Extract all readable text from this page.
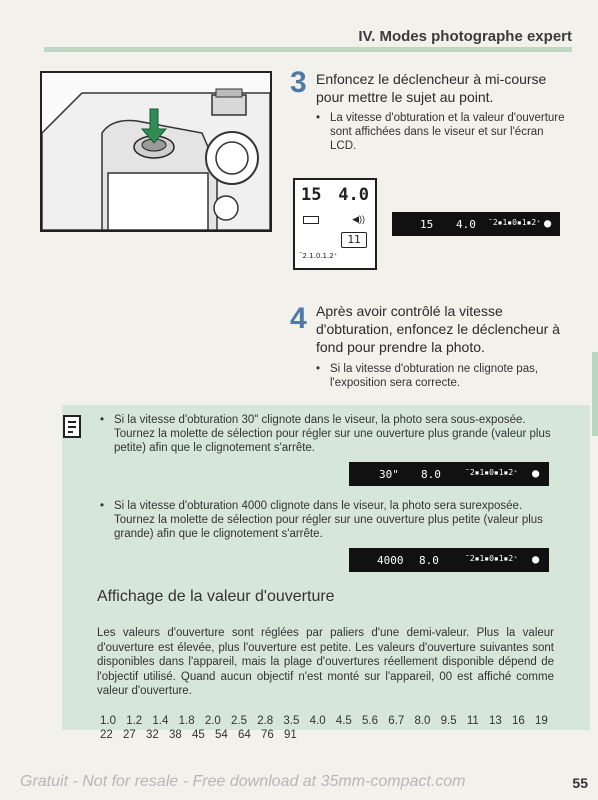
IV. Modes photographe expert
3 Enfoncez le déclencheur à mi-course pour mettre le sujet au point.
• La vitesse d'obturation et la valeur d'ouverture sont affichées dans le viseur et sur l'écran LCD.
15 4.0
◀))
11
¯2.1.0.1.2⁺
15 4.0 ¯2▪1▪0▪1▪2⁺ ●
4 Après avoir contrôlé la vitesse d'obturation, enfoncez le déclencheur à fond pour prendre la photo.
• Si la vitesse d'obturation ne clignote pas, l'exposition sera correcte.
• Si la vitesse d'obturation 30" clignote dans le viseur, la photo sera sous-exposée. Tournez la molette de sélection pour régler sur une ouverture plus grande (valeur plus petite) afin que le clignotement s'arrête.
• Si la vitesse d'obturation 4000 clignote dans le viseur, la photo sera surexposée. Tournez la molette de sélection pour régler sur une ouverture plus petite (valeur plus grande) afin que le clignotement s'arrête.
30" 8.0	¯2▪1▪0▪1▪2⁺ ●
4000 8.0	¯2▪1▪0▪1▪2⁺ ●
Affichage de la valeur d'ouverture
Les valeurs d'ouverture sont réglées par paliers d'une demi-valeur. Plus la valeur d'ouverture est élevée, plus l'ouverture est petite. Les valeurs d'ouverture suivantes sont disponibles dans l'appareil, mais la plage d'ouvertures réellement disponible dépend de l'objectif utilisé. Quand aucun objectif n'est monté sur l'appareil, 00 est affiché comme valeur d'ouverture.
1.0 1.2 1.4 1.8 2.0 2.5 2.8 3.5 4.0 4.5 5.6 6.7 8.0 9.5 11 13 16 19 22 27 32 38 45 54 64 76 91
Gratuit - Not for resale - Free download at 35mm-compact.com	55
